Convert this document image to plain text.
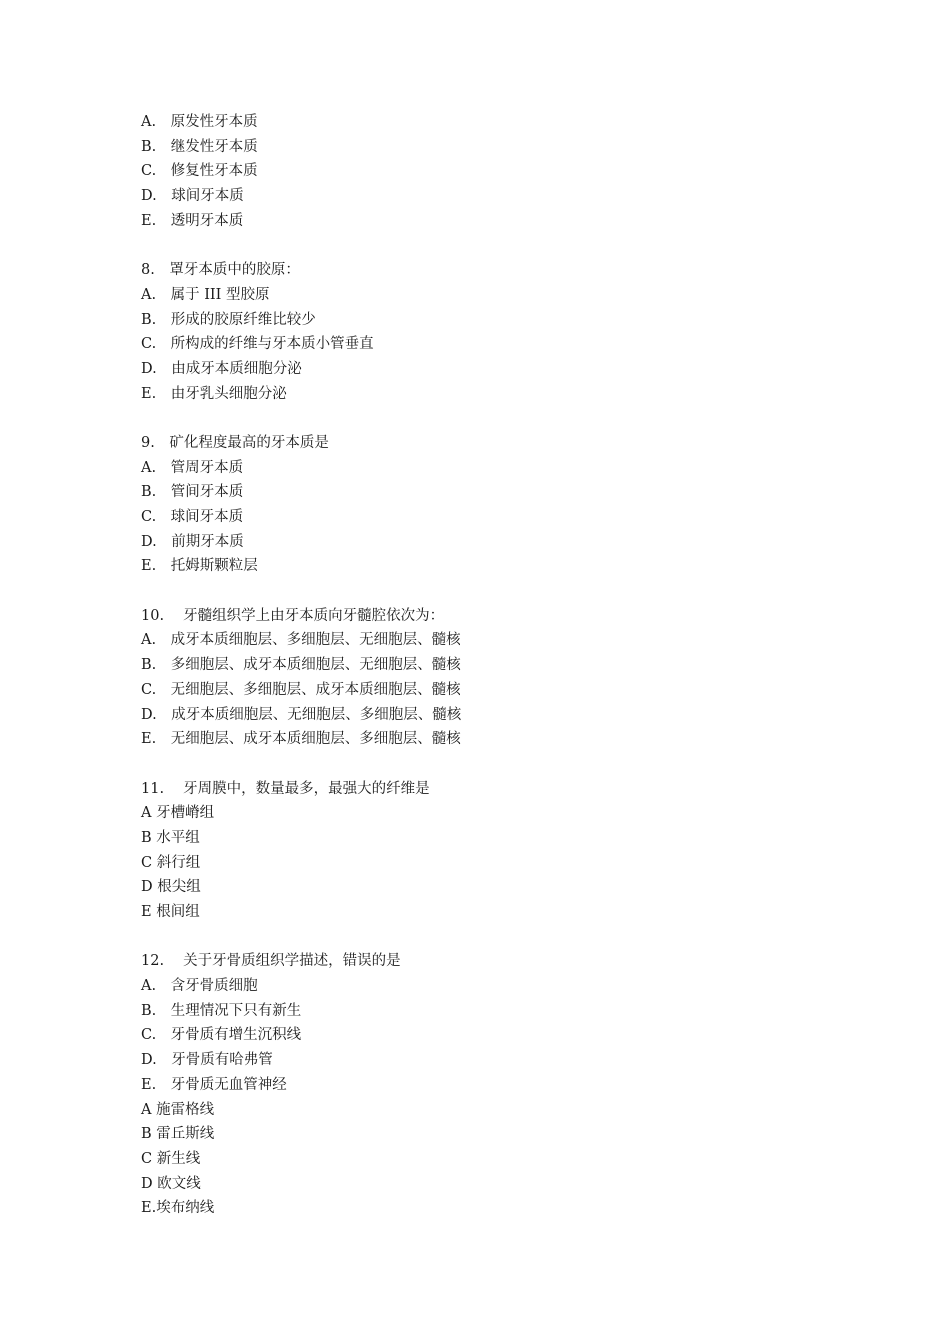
A.　原发性牙本质
B.　继发性牙本质
C.　修复性牙本质
D.　球间牙本质
E.　透明牙本质
8.　罩牙本质中的胶原：
A.　属于 III 型胶原
B.　形成的胶原纤维比较少
C.　所构成的纤维与牙本质小管垂直
D.　由成牙本质细胞分泌
E.　由牙乳头细胞分泌
9.　矿化程度最高的牙本质是
A.　管周牙本质
B.　管间牙本质
C.　球间牙本质
D.　前期牙本质
E.　托姆斯颗粒层
10.　 牙髓组织学上由牙本质向牙髓腔依次为：
A.　成牙本质细胞层、多细胞层、无细胞层、髓核
B.　多细胞层、成牙本质细胞层、无细胞层、髓核
C.　无细胞层、多细胞层、成牙本质细胞层、髓核
D.　成牙本质细胞层、无细胞层、多细胞层、髓核
E.　无细胞层、成牙本质细胞层、多细胞层、髓核
11.　 牙周膜中，数量最多，最强大的纤维是
A 牙槽嵴组
B 水平组
C 斜行组
D 根尖组
E 根间组
12.　 关于牙骨质组织学描述，错误的是
A.　含牙骨质细胞
B.　生理情况下只有新生
C.　牙骨质有增生沉积线
D.　牙骨质有哈弗管
E.　牙骨质无血管神经
A 施雷格线
B 雷丘斯线
C 新生线
D 欧文线
E.埃布纳线
